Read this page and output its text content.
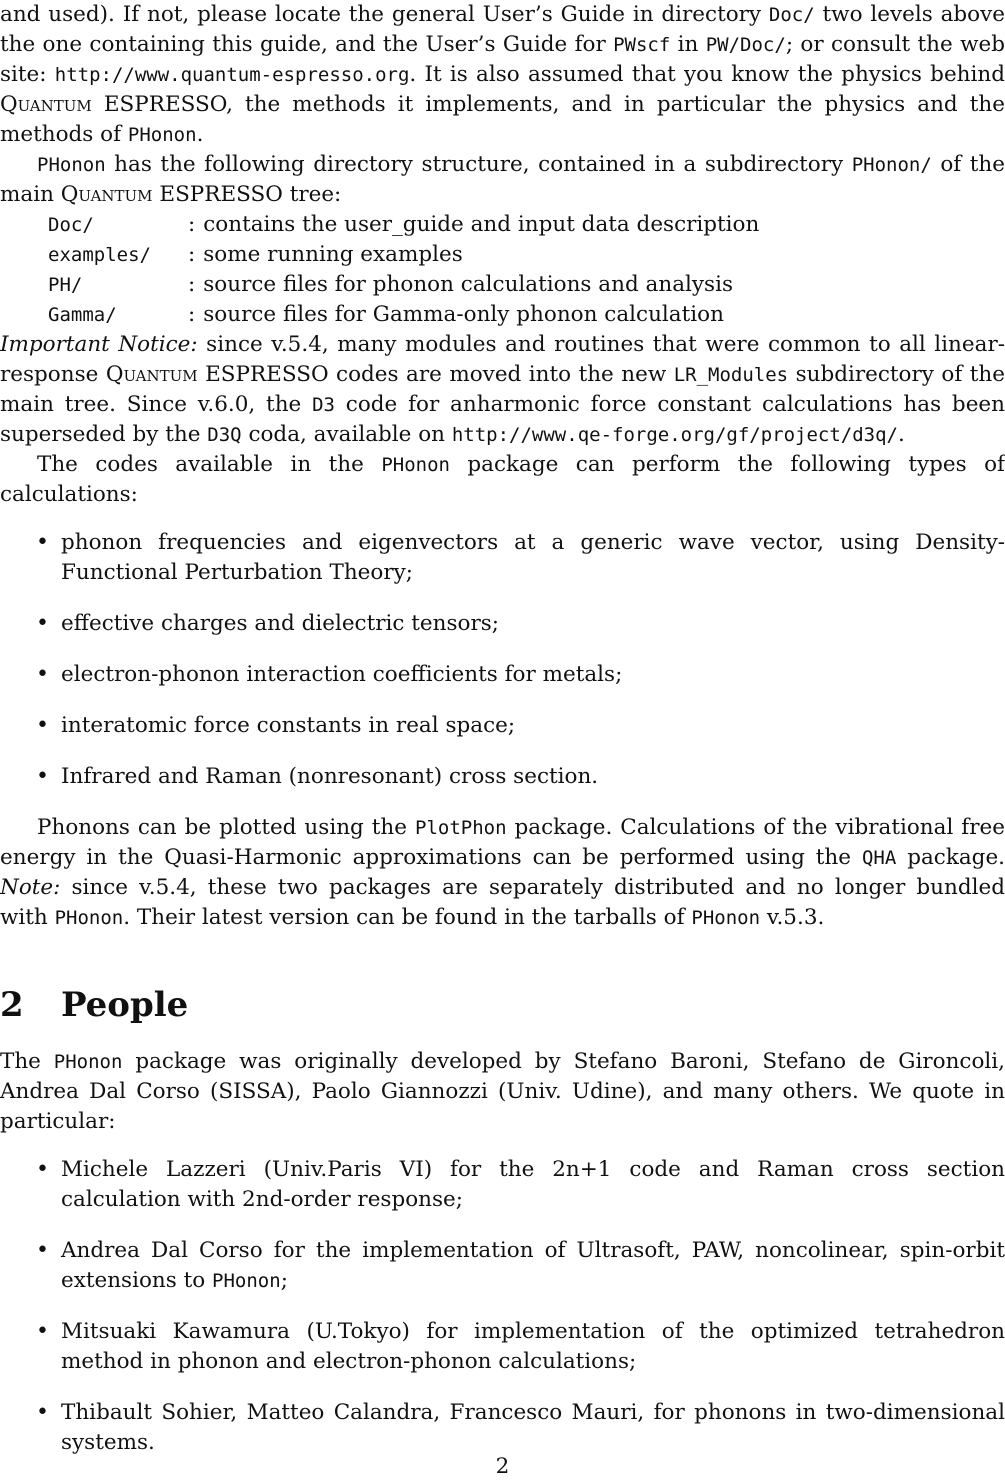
and used). If not, please locate the general User’s Guide in directory Doc/ two levels above the one containing this guide, and the User’s Guide for PWscf in PW/Doc/; or consult the web site: http://www.quantum-espresso.org. It is also assumed that you know the physics behind Quantum ESPRESSO, the methods it implements, and in particular the physics and the methods of PHonon.

PHonon has the following directory structure, contained in a subdirectory PHonon/ of the main Quantum ESPRESSO tree:

Doc/	:	contains the user_guide and input data description
examples/	:	some running examples
PH/	:	source files for phonon calculations and analysis
Gamma/	:	source files for Gamma-only phonon calculation

Important Notice: since v.5.4, many modules and routines that were common to all linear-response Quantum ESPRESSO codes are moved into the new LR_Modules subdirectory of the main tree. Since v.6.0, the D3 code for anharmonic force constant calculations has been superseded by the D3Q coda, available on http://www.qe-forge.org/gf/project/d3q/.

The codes available in the PHonon package can perform the following types of calculations:

• phonon frequencies and eigenvectors at a generic wave vector, using Density-Functional Perturbation Theory;
• effective charges and dielectric tensors;
• electron-phonon interaction coefficients for metals;
• interatomic force constants in real space;
• Infrared and Raman (nonresonant) cross section.

Phonons can be plotted using the PlotPhon package. Calculations of the vibrational free energy in the Quasi-Harmonic approximations can be performed using the QHA package. Note: since v.5.4, these two packages are separately distributed and no longer bundled with PHonon. Their latest version can be found in the tarballs of PHonon v.5.3.

2 People

The PHonon package was originally developed by Stefano Baroni, Stefano de Gironcoli, Andrea Dal Corso (SISSA), Paolo Giannozzi (Univ. Udine), and many others. We quote in particular:

• Michele Lazzeri (Univ.Paris VI) for the 2n+1 code and Raman cross section calculation with 2nd-order response;
• Andrea Dal Corso for the implementation of Ultrasoft, PAW, noncolinear, spin-orbit extensions to PHonon;
• Mitsuaki Kawamura (U.Tokyo) for implementation of the optimized tetrahedron method in phonon and electron-phonon calculations;
• Thibault Sohier, Matteo Calandra, Francesco Mauri, for phonons in two-dimensional systems.
2
